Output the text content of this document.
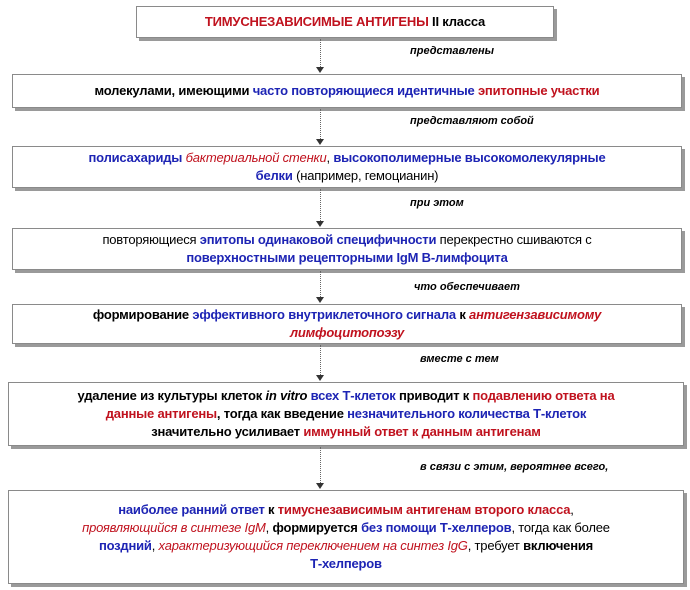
ТИМУСНЕЗАВИСИМЫЕ АНТИГЕНЫ II класса

молекулами, имеющими часто повторяющиеся идентичные эпитопные участки

полисахариды бактериальной стенки, высокополимерные высокомолекулярные

белки (например, гемоцианин)

повторяющиеся эпитопы одинаковой специфичности перекрестно сшиваются с

поверхностными рецепторными IgM B-лимфоцита

формирование эффективного внутриклеточного сигнала к антигензависимому

лимфоцитопоэзу

удаление из культуры клеток in vitro всех Т-клеток приводит к подавлению ответа на

данные антигены, тогда как введение незначительного количества Т-клеток

значительно усиливает иммунный ответ к данным антигенам

наиболее ранний ответ к тимуснезависимым антигенам второго класса,

проявляющийся в синтезе IgM, формируется без помощи Т-хелперов, тогда как более

поздний, характеризующийся переключением на синтез IgG, требует включения

Т-хелперов

представлены
представляют собой
при этом
что обеспечивает
вместе с тем
в связи с этим, вероятнее всего,
